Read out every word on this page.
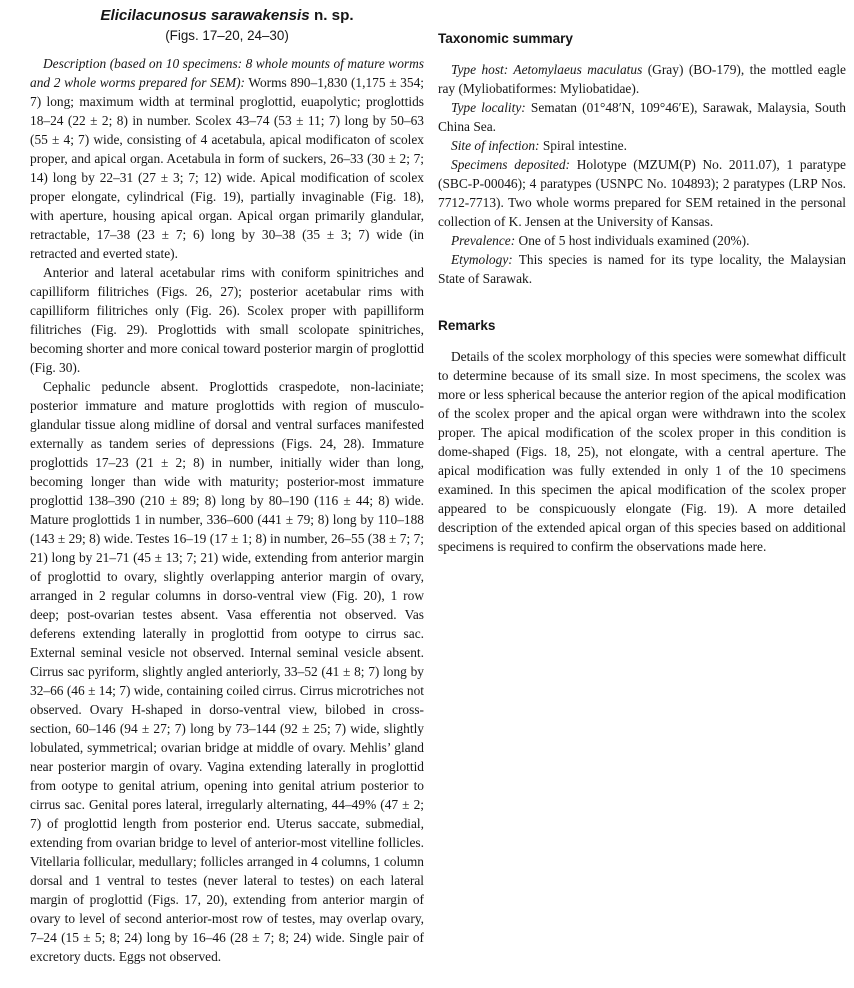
Elicilacunosus sarawakensis n. sp.
(Figs. 17–20, 24–30)

Description (based on 10 specimens: 8 whole mounts of mature worms and 2 whole worms prepared for SEM): Worms 890–1,830 (1,175 ± 354; 7) long; maximum width at terminal proglottid, euapolytic; proglottids 18–24 (22 ± 2; 8) in number. Scolex 43–74 (53 ± 11; 7) long by 50–63 (55 ± 4; 7) wide, consisting of 4 acetabula, apical modificaton of scolex proper, and apical organ. Acetabula in form of suckers, 26–33 (30 ± 2; 7; 14) long by 22–31 (27 ± 3; 7; 12) wide. Apical modification of scolex proper elongate, cylindrical (Fig. 19), partially invaginable (Fig. 18), with aperture, housing apical organ. Apical organ primarily glandular, retractable, 17–38 (23 ± 7; 6) long by 30–38 (35 ± 3; 7) wide (in retracted and everted state).

Anterior and lateral acetabular rims with coniform spinitriches and capilliform filitriches (Figs. 26, 27); posterior acetabular rims with capilliform filitriches only (Fig. 26). Scolex proper with papilliform filitriches (Fig. 29). Proglottids with small scolopate spinitriches, becoming shorter and more conical toward posterior margin of proglottid (Fig. 30).

Cephalic peduncle absent. Proglottids craspedote, non-laciniate; posterior immature and mature proglottids with region of musculo-glandular tissue along midline of dorsal and ventral surfaces manifested externally as tandem series of depressions (Figs. 24, 28). Immature proglottids 17–23 (21 ± 2; 8) in number, initially wider than long, becoming longer than wide with maturity; posterior-most immature proglottid 138–390 (210 ± 89; 8) long by 80–190 (116 ± 44; 8) wide. Mature proglottids 1 in number, 336–600 (441 ± 79; 8) long by 110–188 (143 ± 29; 8) wide. Testes 16–19 (17 ± 1; 8) in number, 26–55 (38 ± 7; 7; 21) long by 21–71 (45 ± 13; 7; 21) wide, extending from anterior margin of proglottid to ovary, slightly overlapping anterior margin of ovary, arranged in 2 regular columns in dorso-ventral view (Fig. 20), 1 row deep; post-ovarian testes absent. Vasa efferentia not observed. Vas deferens extending laterally in proglottid from ootype to cirrus sac. External seminal vesicle not observed. Internal seminal vesicle absent. Cirrus sac pyriform, slightly angled anteriorly, 33–52 (41 ± 8; 7) long by 32–66 (46 ± 14; 7) wide, containing coiled cirrus. Cirrus microtriches not observed. Ovary H-shaped in dorso-ventral view, bilobed in cross-section, 60–146 (94 ± 27; 7) long by 73–144 (92 ± 25; 7) wide, slightly lobulated, symmetrical; ovarian bridge at middle of ovary. Mehlis’ gland near posterior margin of ovary. Vagina extending laterally in proglottid from ootype to genital atrium, opening into genital atrium posterior to cirrus sac. Genital pores lateral, irregularly alternating, 44–49% (47 ± 2; 7) of proglottid length from posterior end. Uterus saccate, submedial, extending from ovarian bridge to level of anterior-most vitelline follicles. Vitellaria follicular, medullary; follicles arranged in 4 columns, 1 column dorsal and 1 ventral to testes (never lateral to testes) on each lateral margin of proglottid (Figs. 17, 20), extending from anterior margin of ovary to level of second anterior-most row of testes, may overlap ovary, 7–24 (15 ± 5; 8; 24) long by 16–46 (28 ± 7; 8; 24) wide. Single pair of excretory ducts. Eggs not observed.

Taxonomic summary

Type host: Aetomylaeus maculatus (Gray) (BO-179), the mottled eagle ray (Myliobatiformes: Myliobatidae).

Type locality: Sematan (01°48′N, 109°46′E), Sarawak, Malaysia, South China Sea.

Site of infection: Spiral intestine.

Specimens deposited: Holotype (MZUM(P) No. 2011.07), 1 paratype (SBC-P-00046); 4 paratypes (USNPC No. 104893); 2 paratypes (LRP Nos. 7712-7713). Two whole worms prepared for SEM retained in the personal collection of K. Jensen at the University of Kansas.

Prevalence: One of 5 host individuals examined (20%).

Etymology: This species is named for its type locality, the Malaysian State of Sarawak.

Remarks

Details of the scolex morphology of this species were somewhat difficult to determine because of its small size. In most specimens, the scolex was more or less spherical because the anterior region of the apical modification of the scolex proper and the apical organ were withdrawn into the scolex proper. The apical modification of the scolex proper in this condition is dome-shaped (Figs. 18, 25), not elongate, with a central aperture. The apical modification was fully extended in only 1 of the 10 specimens examined. In this specimen the apical modification of the scolex proper appeared to be conspicuously elongate (Fig. 19). A more detailed description of the extended apical organ of this species based on additional specimens is required to confirm the observations made here.
